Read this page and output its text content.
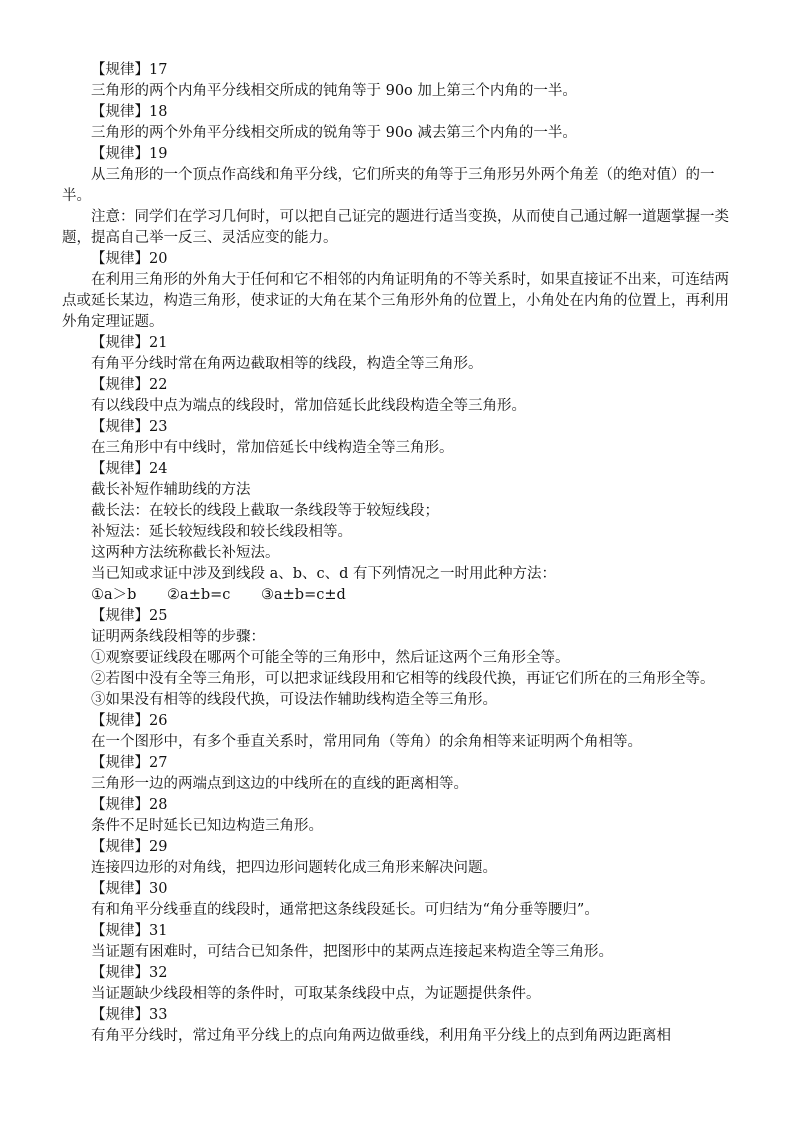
【规律】17
三角形的两个内角平分线相交所成的钝角等于 90o 加上第三个内角的一半。
【规律】18
三角形的两个外角平分线相交所成的锐角等于 90o 减去第三个内角的一半。
【规律】19
从三角形的一个顶点作高线和角平分线，它们所夹的角等于三角形另外两个角差（的绝对值）的一半。
注意：同学们在学习几何时，可以把自己证完的题进行适当变换，从而使自己通过解一道题掌握一类题，提高自己举一反三、灵活应变的能力。
【规律】20
在利用三角形的外角大于任何和它不相邻的内角证明角的不等关系时，如果直接证不出来，可连结两点或延长某边，构造三角形，使求证的大角在某个三角形外角的位置上，小角处在内角的位置上，再利用外角定理证题。
【规律】21
有角平分线时常在角两边截取相等的线段，构造全等三角形。
【规律】22
有以线段中点为端点的线段时，常加倍延长此线段构造全等三角形。
【规律】23
在三角形中有中线时，常加倍延长中线构造全等三角形。
【规律】24
截长补短作辅助线的方法
截长法：在较长的线段上截取一条线段等于较短线段；
补短法：延长较短线段和较长线段相等。
这两种方法统称截长补短法。
当已知或求证中涉及到线段 a、b、c、d 有下列情况之一时用此种方法：
①a＞b ②a±b=c ③a±b=c±d
【规律】25
证明两条线段相等的步骤：
①观察要证线段在哪两个可能全等的三角形中，然后证这两个三角形全等。
②若图中没有全等三角形，可以把求证线段用和它相等的线段代换，再证它们所在的三角形全等。
③如果没有相等的线段代换，可设法作辅助线构造全等三角形。
【规律】26
在一个图形中，有多个垂直关系时，常用同角（等角）的余角相等来证明两个角相等。
【规律】27
三角形一边的两端点到这边的中线所在的直线的距离相等。
【规律】28
条件不足时延长已知边构造三角形。
【规律】29
连接四边形的对角线，把四边形问题转化成三角形来解决问题。
【规律】30
有和角平分线垂直的线段时，通常把这条线段延长。可归结为“角分垂等腰归”。
【规律】31
当证题有困难时，可结合已知条件，把图形中的某两点连接起来构造全等三角形。
【规律】32
当证题缺少线段相等的条件时，可取某条线段中点，为证题提供条件。
【规律】33
有角平分线时，常过角平分线上的点向角两边做垂线，利用角平分线上的点到角两边距离相
